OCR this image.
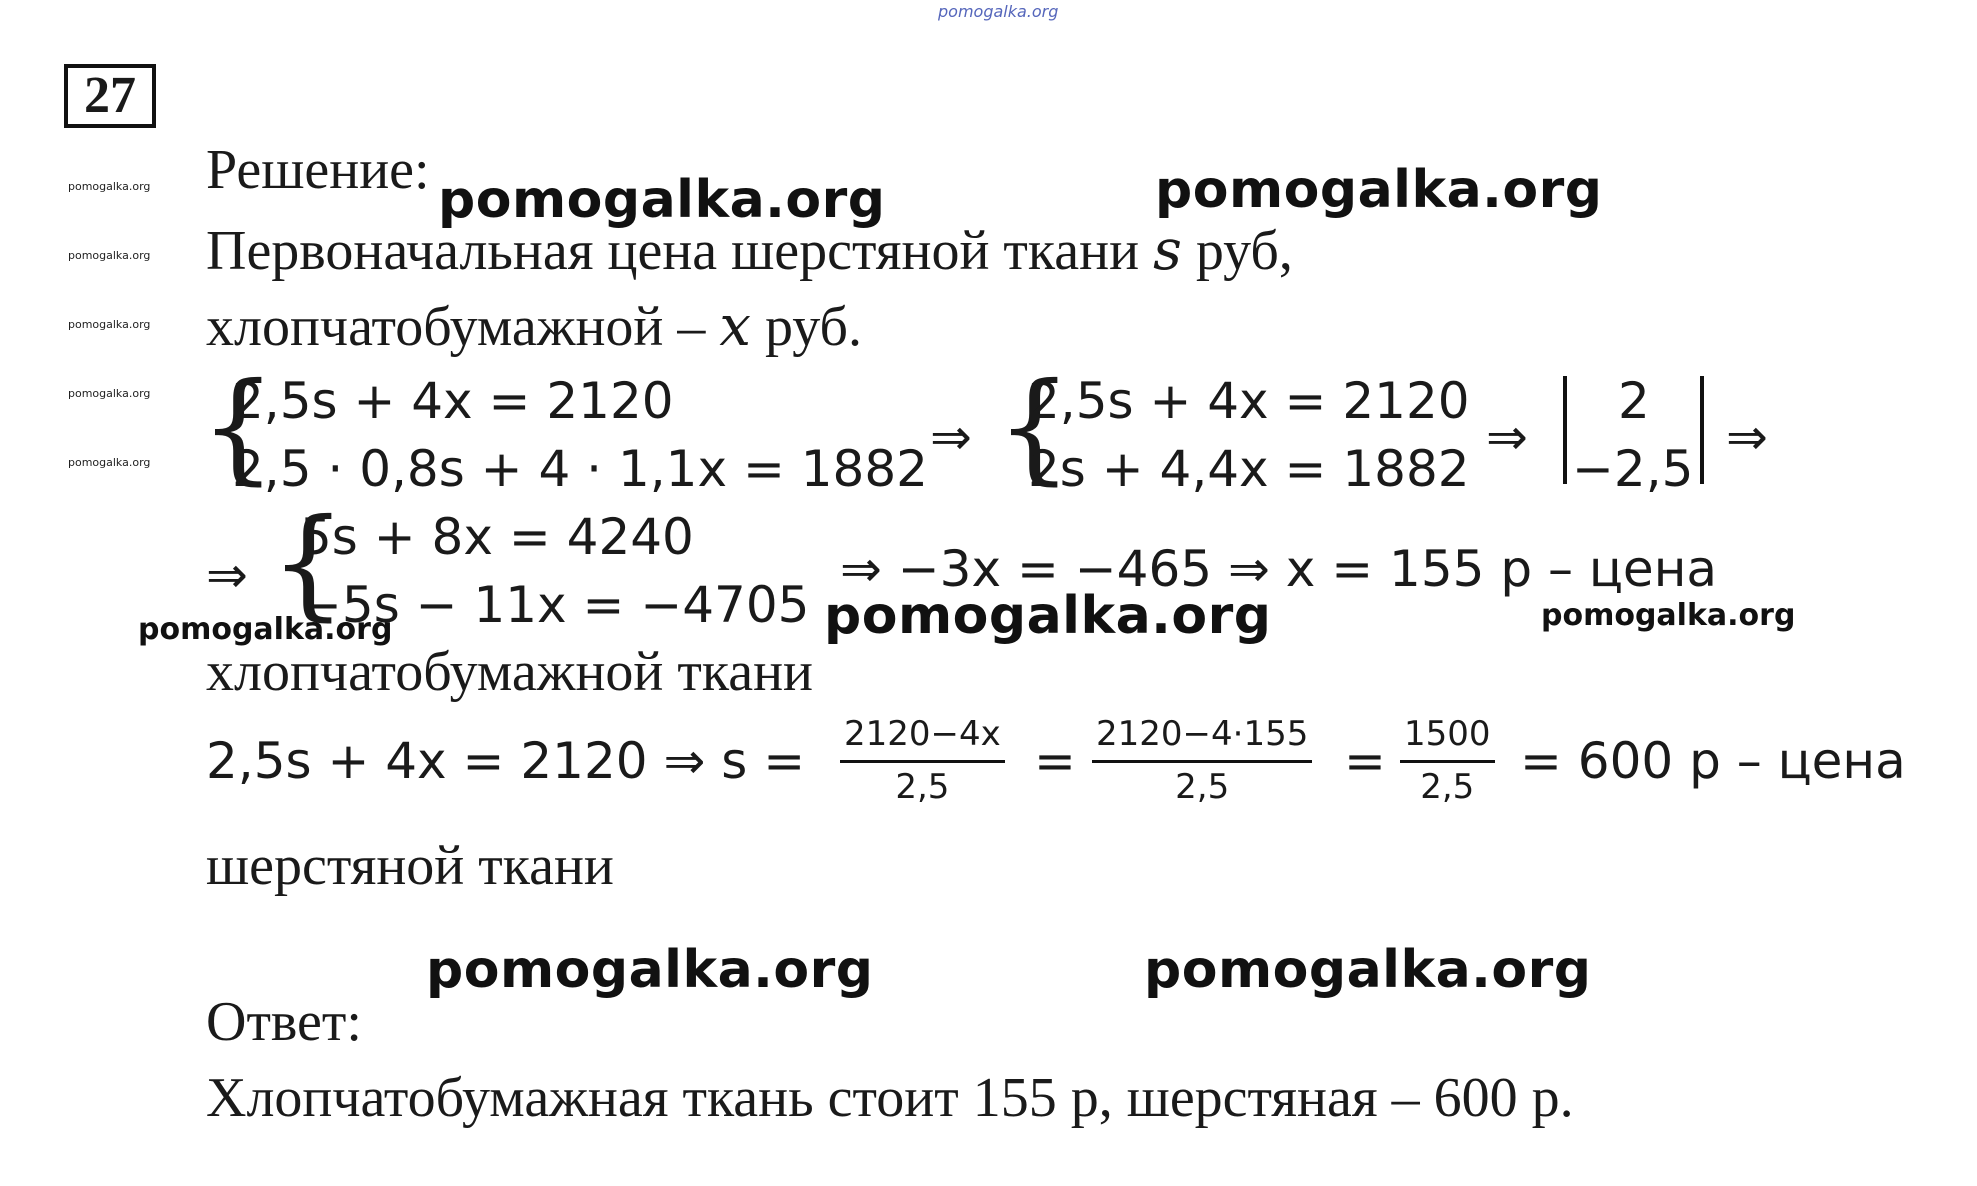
pomogalka.org
27
pomogalka.org
pomogalka.org
pomogalka.org
pomogalka.org
pomogalka.org
Решение:
Первоначальная цена шерстяной ткани s руб,
хлопчатобумажной – x руб.
pomogalka.org	pomogalka.org
{
2,5s + 4x = 2120
2,5 · 0,8s + 4 · 1,1x = 1882
⇒ {
2,5s + 4x = 2120
2s + 4,4x = 1882
⇒
2
−2,5
⇒
⇒ {
5s + 8x = 4240
−5s − 11x = −4705
⇒ −3x = −465 ⇒ x = 155 р – цена
pomogalka.org	pomogalka.org	pomogalka.org
хлопчатобумажной ткани
2,5s + 4x = 2120 ⇒ s = 2120−4x
2,5 = 2120−4·155
2,5 = 1500
2,5 = 600 р – цена
шерстяной ткани
pomogalka.org	pomogalka.org
Ответ:
Хлопчатобумажная ткань стоит 155 р, шерстяная – 600 р.
